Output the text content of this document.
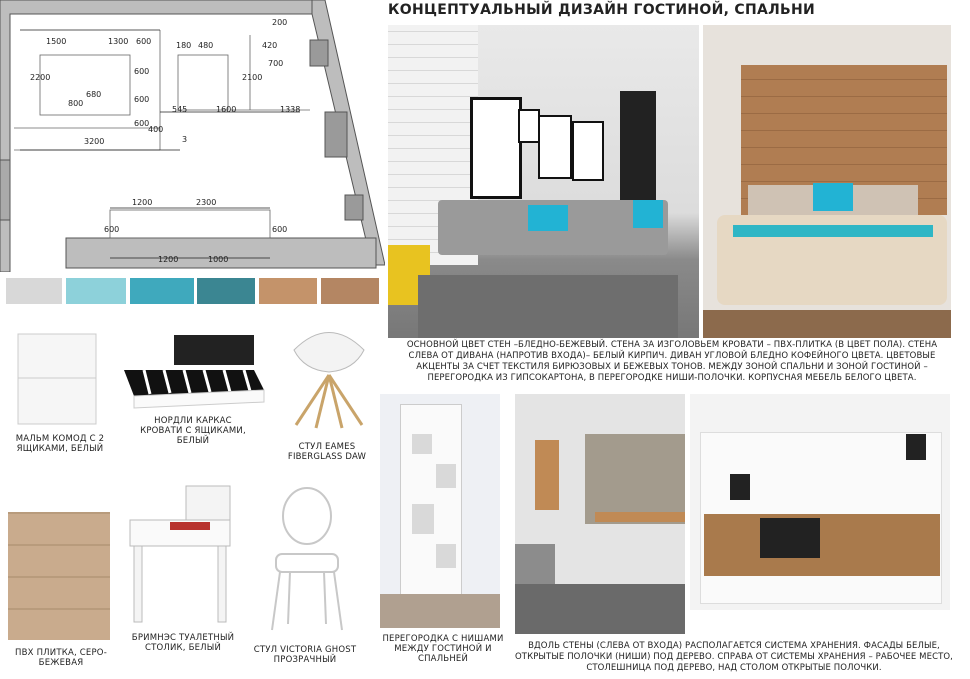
КОНЦЕПТУАЛЬНЫЙ ДИЗАЙН ГОСТИНОЙ, СПАЛЬНИ
1500	1300 600	180 480	420
200
2200
680
800
600
600
2100
700
600
400
545	1600	1338
3200
1200	2300
600	600
1200	1000
3
МАЛЬМ КОМОД С 2 ЯЩИКАМИ, БЕЛЫЙ
НОРДЛИ КАРКАС КРОВАТИ С ЯЩИКАМИ, БЕЛЫЙ
СТУЛ EAMES FIBERGLASS DAW
ПВХ ПЛИТКА, СЕРО-БЕЖЕВАЯ
БРИМНЭС ТУАЛЕТНЫЙ СТОЛИК, БЕЛЫЙ	СТУЛ VICTORIA GHOST ПРОЗРАЧНЫЙ
ОСНОВНОЙ ЦВЕТ СТЕН –БЛЕДНО-БЕЖЕВЫЙ. СТЕНА ЗА ИЗГОЛОВЬЕМ КРОВАТИ – ПВХ-ПЛИТКА (В ЦВЕТ ПОЛА). СТЕНА СЛЕВА ОТ ДИВАНА (НАПРОТИВ ВХОДА)– БЕЛЫЙ КИРПИЧ. ДИВАН УГЛОВОЙ БЛЕДНО КОФЕЙНОГО ЦВЕТА. ЦВЕТОВЫЕ АКЦЕНТЫ ЗА СЧЕТ ТЕКСТИЛЯ БИРЮЗОВЫХ И БЕЖЕВЫХ ТОНОВ. МЕЖДУ ЗОНОЙ СПАЛЬНИ И ЗОНОЙ ГОСТИНОЙ – ПЕРЕГОРОДКА ИЗ ГИПСОКАРТОНА, В ПЕРЕГОРОДКЕ НИШИ-ПОЛОЧКИ. КОРПУСНАЯ МЕБЕЛЬ БЕЛОГО ЦВЕТА.
ПЕРЕГОРОДКА С НИШАМИ МЕЖДУ ГОСТИНОЙ И СПАЛЬНЕЙ
ВДОЛЬ СТЕНЫ (СЛЕВА ОТ ВХОДА) РАСПОЛАГАЕТСЯ СИСТЕМА ХРАНЕНИЯ. ФАСАДЫ БЕЛЫЕ, ОТКРЫТЫЕ ПОЛОЧКИ (НИШИ) ПОД ДЕРЕВО. СПРАВА ОТ СИСТЕМЫ ХРАНЕНИЯ – РАБОЧЕЕ МЕСТО, СТОЛЕШНИЦА ПОД ДЕРЕВО, НАД СТОЛОМ ОТКРЫТЫЕ ПОЛОЧКИ.
